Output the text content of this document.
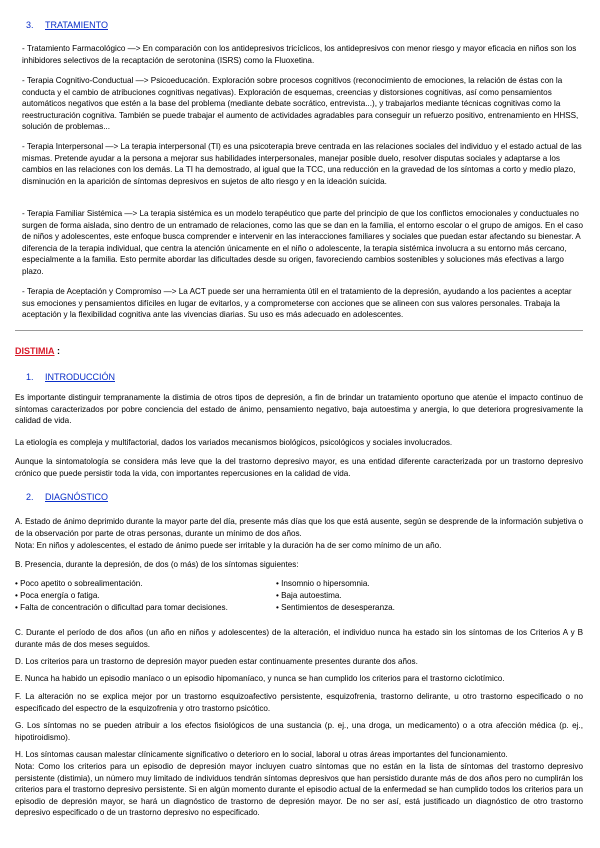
3. TRATAMIENTO
- Tratamiento Farmacológico —> En comparación con los antidepresivos tricíclicos, los antidepresivos con menor riesgo y mayor eficacia en niños son los inhibidores selectivos de la recaptación de serotonina (ISRS) como la Fluoxetina.
- Terapia Cognitivo-Conductual —> Psicoeducación. Exploración sobre procesos cognitivos (reconocimiento de emociones, la relación de éstas con la conducta y el cambio de atribuciones cognitivas negativas). Exploración de esquemas, creencias y distorsiones cognitivas, así como pensamientos automáticos negativos que estén a la base del problema (mediante debate socrático, entrevista...), y trabajarlos mediante técnicas cognitivas como la reestructuración cognitiva. También se puede trabajar el aumento de actividades agradables para conseguir un refuerzo positivo, entrenamiento en HHSS, solución de problemas...
- Terapia Interpersonal —> La terapia interpersonal (TI) es una psicoterapia breve centrada en las relaciones sociales del individuo y el estado actual de las mismas. Pretende ayudar a la persona a mejorar sus habilidades interpersonales, manejar posible duelo, resolver disputas sociales y adaptarse a los cambios en las relaciones con los demás. La TI ha demostrado, al igual que la TCC, una reducción en la gravedad de los síntomas a corto y medio plazo, disminución en la aparición de síntomas depresivos en sujetos de alto riesgo y en la ideación suicida.
- Terapia Familiar Sistémica —> La terapia sistémica es un modelo terapéutico que parte del principio de que los conflictos emocionales y conductuales no surgen de forma aislada, sino dentro de un entramado de relaciones, como las que se dan en la familia, el entorno escolar o el grupo de amigos. En el caso de niños y adolescentes, este enfoque busca comprender e intervenir en las interacciones familiares y sociales que puedan estar afectando su bienestar. A diferencia de la terapia individual, que centra la atención únicamente en el niño o adolescente, la terapia sistémica involucra a su entorno más cercano, especialmente a la familia. Esto permite abordar las dificultades desde su origen, favoreciendo cambios sostenibles y soluciones más efectivas a largo plazo.
- Terapia de Aceptación y Compromiso —> La ACT puede ser una herramienta útil en el tratamiento de la depresión, ayudando a los pacientes a aceptar sus emociones y pensamientos difíciles en lugar de evitarlos, y a comprometerse con acciones que se alineen con sus valores personales. Trabaja la aceptación y la flexibilidad cognitiva ante las vivencias diarias. Su uso es más adecuado en adolescentes.
DISTIMIA :
1. INTRODUCCIÓN
Es importante distinguir tempranamente la distimia de otros tipos de depresión, a fin de brindar un tratamiento oportuno que atenúe el impacto continuo de síntomas caracterizados por pobre conciencia del estado de ánimo, pensamiento negativo, baja autoestima y anergia, lo que deteriora progresivamente la calidad de vida.
La etiología es compleja y multifactorial, dados los variados mecanismos biológicos, psicológicos y sociales involucrados.
Aunque la sintomatología se considera más leve que la del trastorno depresivo mayor, es una entidad diferente caracterizada por un trastorno depresivo crónico que puede persistir toda la vida, con importantes repercusiones en la calidad de vida.
2. DIAGNÓSTICO
A. Estado de ánimo deprimido durante la mayor parte del día, presente más días que los que está ausente, según se desprende de la información subjetiva o de la observación por parte de otras personas, durante un mínimo de dos años.
Nota: En niños y adolescentes, el estado de ánimo puede ser irritable y la duración ha de ser como mínimo de un año.
B. Presencia, durante la depresión, de dos (o más) de los síntomas siguientes:
• Poco apetito o sobrealimentación.
• Poca energía o fatiga.
• Falta de concentración o dificultad para tomar decisiones.
• Insomnio o hipersomnia.
• Baja autoestima.
• Sentimientos de desesperanza.
C. Durante el período de dos años (un año en niños y adolescentes) de la alteración, el individuo nunca ha estado sin los síntomas de los Criterios A y B durante más de dos meses seguidos.
D. Los criterios para un trastorno de depresión mayor pueden estar continuamente presentes durante dos años.
E. Nunca ha habido un episodio maníaco o un episodio hipomaníaco, y nunca se han cumplido los criterios para el trastorno ciclotímico.
F. La alteración no se explica mejor por un trastorno esquizoafectivo persistente, esquizofrenia, trastorno delirante, u otro trastorno especificado o no especificado del espectro de la esquizofrenia y otro trastorno psicótico.
G. Los síntomas no se pueden atribuir a los efectos fisiológicos de una sustancia (p. ej., una droga, un medicamento) o a otra afección médica (p. ej., hipotiroidismo).
H. Los síntomas causan malestar clínicamente significativo o deterioro en lo social, laboral u otras áreas importantes del funcionamiento.
Nota: Como los criterios para un episodio de depresión mayor incluyen cuatro síntomas que no están en la lista de síntomas del trastorno depresivo persistente (distimia), un número muy limitado de individuos tendrán síntomas depresivos que han persistido durante más de dos años pero no cumplirán los criterios para el trastorno depresivo persistente. Si en algún momento durante el episodio actual de la enfermedad se han cumplido todos los criterios para un episodio de depresión mayor, se hará un diagnóstico de trastorno de depresión mayor. De no ser así, está justificado un diagnóstico de otro trastorno depresivo especificado o de un trastorno depresivo no especificado.
